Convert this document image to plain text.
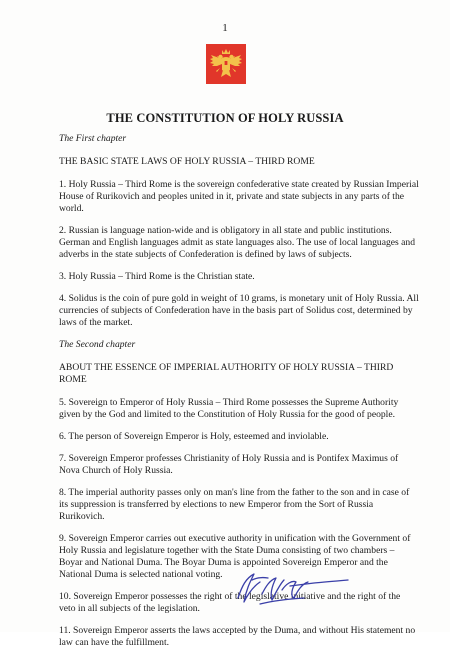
1
THE CONSTITUTION OF HOLY RUSSIA
The First chapter
THE BASIC STATE LAWS OF HOLY RUSSIA – THIRD ROME

1. Holy Russia – Third Rome is the sovereign confederative state created by Russian Imperial House of Rurikovich and peoples united in it, private and state subjects in any parts of the world.

2. Russian is language nation-wide and is obligatory in all state and public institutions. German and English languages admit as state languages also. The use of local languages and adverbs in the state subjects of Confederation is defined by laws of subjects.

3. Holy Russia – Third Rome is the Christian state.

4. Solidus is the coin of pure gold in weight of 10 grams, is monetary unit of Holy Russia. All currencies of subjects of Confederation have in the basis part of Solidus cost, determined by laws of the market.

The Second chapter
ABOUT THE ESSENCE OF IMPERIAL AUTHORITY OF HOLY RUSSIA – THIRD ROME

5. Sovereign to Emperor of Holy Russia – Third Rome possesses the Supreme Authority given by the God and limited to the Constitution of Holy Russia for the good of people.

6. The person of Sovereign Emperor is Holy, esteemed and inviolable.

7. Sovereign Emperor professes Christianity of Holy Russia and is Pontifex Maximus of Nova Church of Holy Russia.

8. The imperial authority passes only on man's line from the father to the son and in case of its suppression is transferred by elections to new Emperor from the Sort of Russia Rurikovich.

9. Sovereign Emperor carries out executive authority in unification with the Government of Holy Russia and legislature together with the State Duma consisting of two chambers – Boyar and National Duma. The Boyar Duma is appointed Sovereign Emperor and the National Duma is selected national voting.

10. Sovereign Emperor possesses the right of the legislative initiative and the right of the veto in all subjects of the legislation.

11. Sovereign Emperor asserts the laws accepted by the Duma, and without His statement no law can have the fulfillment.
